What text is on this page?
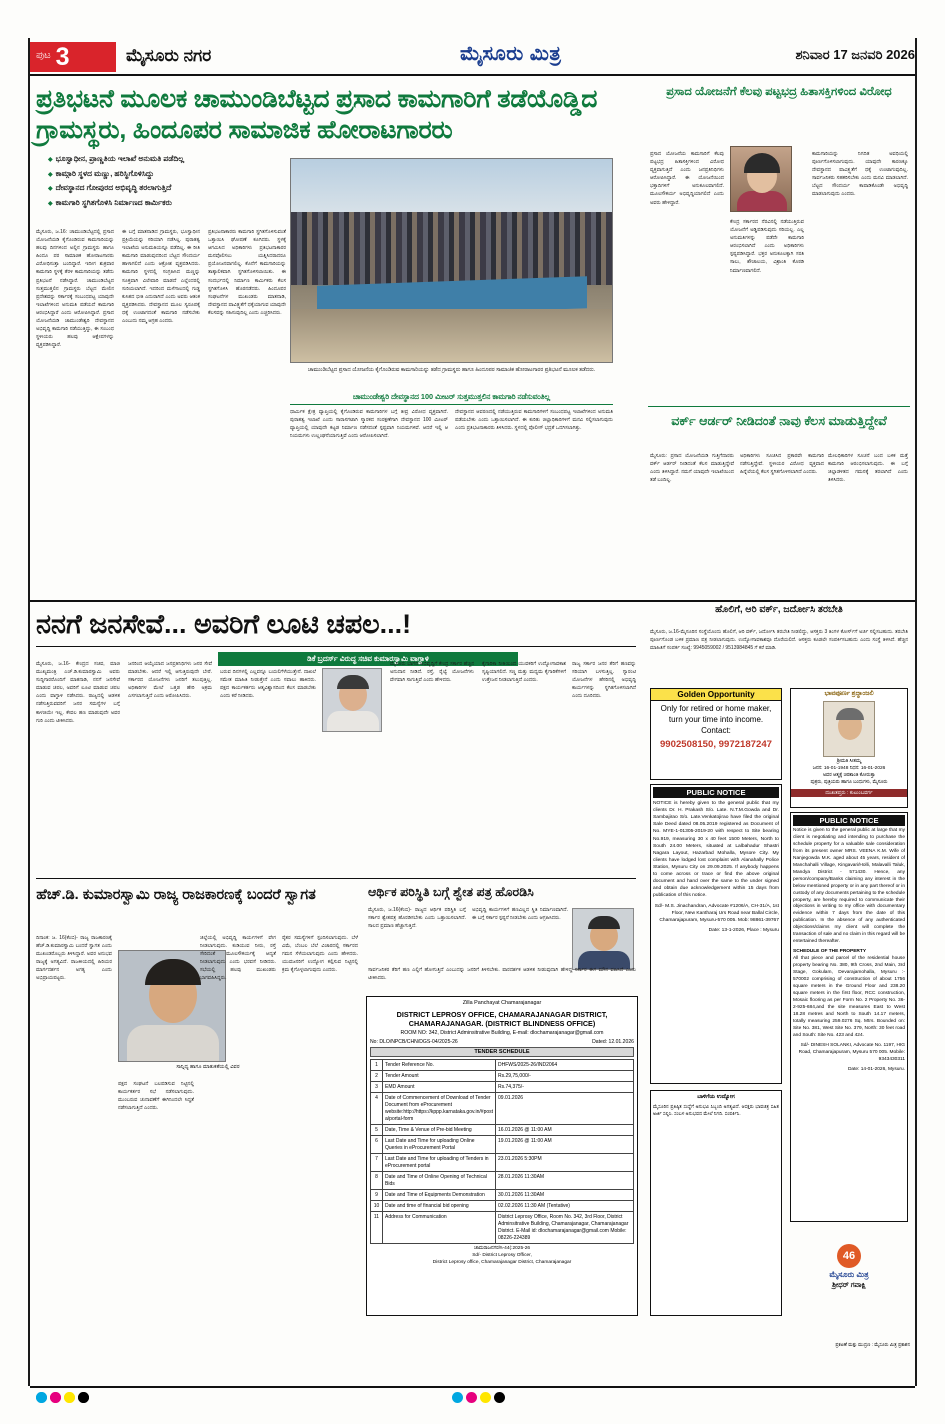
ಪುಟ 3	ಮೈಸೂರು ನಗರ	ಮೈಸೂರು ಮಿತ್ರ	ಶನಿವಾರ 17 ಜನವರಿ 2026
ಪ್ರತಿಭಟನೆ ಮೂಲಕ ಚಾಮುಂಡಿಬೆಟ್ಟದ ಪ್ರಸಾದ ಕಾಮಗಾರಿಗೆ ತಡೆಯೊಡ್ಡಿದ ಗ್ರಾಮಸ್ಥರು, ಹಿಂದೂಪರ ಸಾಮಾಜಿಕ ಹೋರಾಟಗಾರರು
◆ ಭೂಸ್ವಾಧೀನ, ಪ್ರಾಣ್ಣತಿಯ ಇಲಾಖೆ ಅನುಮತಿ ಪಡೆದಿಲ್ಲ
◆ ಕಾಮ್ಗಾರಿ ಸ್ಥಳದ ಮಣ್ಣು, ಹರಿಸ್ಥಿಗೊಳಿಸಿದ್ದು
◆ ದೇವಸ್ಥಾನದ ಗೋಪುರದ ಅಭಿವೃದ್ಧಿ ತರಲಾಗುತ್ತಿದೆ
◆ ಕಾಮಗಾರಿ ಸ್ಥಗಿತಗೊಳಿಸಿ ನಿರ್ಮಾಣದ ಕಾರ್ಮಿಕರು
ಚಾಮುಂಡಿಬೆಟ್ಟದ ಪ್ರಸಾದ ಯೋಜನೆಯ ಕೈಗೊಂಡಿರುವ ಕಾಮಗಾರಿಯನ್ನು ತಡೆದ ಗ್ರಾಮಸ್ಥರು ಹಾಗೂ ಹಿಂದೂಪರ ಸಾಮಾಜಿಕ ಹೋರಾಟಗಾರರ ಪ್ರತಿಭಟನೆ ಮೂಲಕ ತಡೆದರು.
ಮೈಸೂರು, ಜ.16: ಚಾಮುಂಡಿಬೆಟ್ಟದಲ್ಲಿ ಪ್ರಸಾದ ಯೋಜನೆಯಡಿ ಕೈಗೊಂಡಿರುವ ಕಾಮಗಾರಿಯನ್ನು ಹಲವು ದಿನಗಳಿಂದ ಅಲ್ಲಿನ ಗ್ರಾಮಸ್ಥರು ಹಾಗೂ ಹಿಂದೂ ಪರ ಸಾಮಾಜಿಕ ಹೋರಾಟಗಾರರು ವಿರೋಧಿಸುತ್ತಾ ಬಂದಿದ್ದಾರೆ. ಇದೀಗ ಶುಕ್ರವಾರ ಕಾಮಗಾರಿ ಸ್ಥಳಕ್ಕೆ ತೆರಳಿ ಕಾಮಗಾರಿಯನ್ನು ತಡೆದು ಪ್ರತಿಭಟನೆ ನಡೆಸಿದ್ದಾರೆ. ಚಾಮುಂಡಿಬೆಟ್ಟದ ಸುತ್ತಮುತ್ತಲಿನ ಗ್ರಾಮಸ್ಥರು ಬೆಟ್ಟದ ಮೇಲಿನ ಪ್ರದೇಶವನ್ನು ಸರ್ಕಾರಕ್ಕೆ ಸಂಬಂಧಪಟ್ಟ ಯಾವುದೇ ಇಲಾಖೆಗಳಿಂದ ಅನುಮತಿ ಪಡೆಯದೆ ಕಾಮಗಾರಿ ಆರಂಭಿಸಿದ್ದಾರೆ ಎಂದು ಆರೋಪಿಸಿದ್ದಾರೆ. ಪ್ರಸಾದ ಯೋಜನೆಯಡಿ ಚಾಮುಂಡೇಶ್ವರಿ ದೇವಸ್ಥಾನದ ಅಭಿವೃದ್ಧಿ ಕಾಮಗಾರಿ ನಡೆಯುತ್ತಿದ್ದು, ಈ ಸಂಬಂಧ ಸ್ಥಳೀಯರು ಹಲವು ಆಕ್ಷೇಪಗಳನ್ನು ವ್ಯಕ್ತಪಡಿಸಿದ್ದಾರೆ.
ಈ ಬಗ್ಗೆ ಮಾತನಾಡಿದ ಗ್ರಾಮಸ್ಥರು, ಭೂಸ್ವಾಧೀನ ಪ್ರಕ್ರಿಯೆಯನ್ನು ಸರಿಯಾಗಿ ನಡೆಸಿಲ್ಲ. ಪುರಾತತ್ವ ಇಲಾಖೆಯ ಅನುಮತಿಯನ್ನೂ ಪಡೆದಿಲ್ಲ. ಈ ರೀತಿ ಕಾಮಗಾರಿ ಮಾಡುವುದರಿಂದ ಬೆಟ್ಟದ ಸೌಂದರ್ಯ ಹಾಳಾಗಲಿದೆ ಎಂದು ಆಕ್ರೋಶ ವ್ಯಕ್ತಪಡಿಸಿದರು. ಕಾಮಗಾರಿ ಸ್ಥಳದಲ್ಲಿ ಸಂಗ್ರಹಿಸಿದ ಮಣ್ಣನ್ನು ಸೂಕ್ತವಾಗಿ ವಿಲೇವಾರಿ ಮಾಡದೆ ಎಲ್ಲೆಂದರಲ್ಲಿ ಸುರಿಯಲಾಗಿದೆ. ಇದರಿಂದ ಮಳೆಗಾಲದಲ್ಲಿ ಗುಡ್ಡ ಕುಸಿತದ ಭೀತಿ ಎದುರಾಗಿದೆ ಎಂದು ಅವರು ಆತಂಕ ವ್ಯಕ್ತಪಡಿಸಿದರು. ದೇವಸ್ಥಾನದ ಮೂಲ ಸ್ವರೂಪಕ್ಕೆ ಧಕ್ಕೆ ಉಂಟಾಗದಂತೆ ಕಾಮಗಾರಿ ನಡೆಸಬೇಕು ಎಂಬುದು ನಮ್ಮ ಆಗ್ರಹ ಎಂದರು.
ಪ್ರತಿಭಟನಾಕಾರರು ಕಾಮಗಾರಿ ಸ್ಥಗಿತಗೊಳಿಸುವಂತೆ ಒತ್ತಾಯಿಸಿ ಘೋಷಣೆ ಕೂಗಿದರು. ಸ್ಥಳಕ್ಕೆ ಆಗಮಿಸಿದ ಅಧಿಕಾರಿಗಳು ಪ್ರತಿಭಟನಾಕಾರರ ಮನವೊಲಿಸಲು ಯತ್ನಿಸಿದರಾದರೂ ಪ್ರಯೋಜನವಾಗಲಿಲ್ಲ. ಕೊನೆಗೆ ಕಾಮಗಾರಿಯನ್ನು ತಾತ್ಕಾಲಿಕವಾಗಿ ಸ್ಥಗಿತಗೊಳಿಸಲಾಯಿತು. ಈ ಸಂದರ್ಭದಲ್ಲಿ ನಿರ್ಮಾಣ ಕಾರ್ಮಿಕರು ಕೆಲಸ ಸ್ಥಗಿತಗೊಳಿಸಿ ಹೊರನಡೆದರು. ಹಿಂದೂಪರ ಸಂಘಟನೆಗಳ ಮುಖಂಡರು ಮಾತನಾಡಿ, ದೇವಸ್ಥಾನದ ಪಾವಿತ್ರ್ಯತೆಗೆ ಧಕ್ಕೆಯಾಗುವ ಯಾವುದೇ ಕೆಲಸವನ್ನು ಸಹಿಸುವುದಿಲ್ಲ ಎಂದು ಎಚ್ಚರಿಸಿದರು.
ಚಾಮುಂಡೇಶ್ವರಿ ದೇವಸ್ಥಾನದ 100 ಮೀಟರ್ ಸುತ್ತಮುತ್ತಲಿನ ಕಾಮಗಾರಿ ನಡೆಸುವಂತಿಲ್ಲ
ಧಾರ್ಮಿಕ ಕ್ಷೇತ್ರ ವ್ಯಾಪ್ತಿಯಲ್ಲಿ ಕೈಗೊಂಡಿರುವ ಕಾಮಗಾರಿಗಳ ಬಗ್ಗೆ ತೀವ್ರ ವಿರೋಧ ವ್ಯಕ್ತವಾಗಿದೆ. ಪುರಾತತ್ವ ಇಲಾಖೆ ಎಂದು ಸಾರಾಸಗಟಾಗಿ ಸ್ಮಾರಕದ ಸಂರಕ್ಷಣೆಗಾಗಿ ದೇವಸ್ಥಾನದ 100 ಮೀಟರ್ ವ್ಯಾಪ್ತಿಯಲ್ಲಿ ಯಾವುದೇ ಕಟ್ಟಡ ನಿರ್ಮಾಣ ನಡೆಸದಂತೆ ಸ್ಪಷ್ಟವಾಗಿ ನಿಯಮಗಳಿವೆ. ಆದರೆ ಇಲ್ಲಿ ಆ ನಿಯಮಗಳು ಉಲ್ಲಂಘನೆಯಾಗುತ್ತಿವೆ ಎಂದು ಆರೋಪಿಸಲಾಗಿದೆ.
ದೇವಸ್ಥಾನದ ಆವರಣದಲ್ಲಿ ನಡೆಯುತ್ತಿರುವ ಕಾಮಗಾರಿಗಳಿಗೆ ಸಂಬಂಧಪಟ್ಟ ಇಲಾಖೆಗಳಿಂದ ಅನುಮತಿ ಪಡೆಯಬೇಕು ಎಂದು ಒತ್ತಾಯಿಸಲಾಗಿದೆ. ಈ ಕುರಿತು ಜಿಲ್ಲಾಧಿಕಾರಿಗಳಿಗೆ ಮನವಿ ಸಲ್ಲಿಸಲಾಗುವುದು ಎಂದು ಪ್ರತಿಭಟನಾಕಾರರು ತಿಳಿಸಿದರು. ಸ್ಥಳದಲ್ಲಿ ಪೊಲೀಸ್ ಭದ್ರತೆ ಒದಗಿಸಲಾಗಿತ್ತು.
ಪ್ರಸಾದ ಯೋಜನೆಗೆ ಕೆಲವು ಪಟ್ಟಭದ್ರ ಹಿತಾಸಕ್ತಿಗಳಿಂದ ವಿರೋಧ
ಪ್ರಸಾದ ಯೋಜನೆಯ ಕಾಮಗಾರಿಗೆ ಕೆಲವು ಪಟ್ಟಭದ್ರ ಹಿತಾಸಕ್ತಿಗಳಿಂದ ವಿರೋಧ ವ್ಯಕ್ತವಾಗುತ್ತಿದೆ ಎಂದು ಜನಪ್ರತಿನಿಧಿಗಳು ಆರೋಪಿಸಿದ್ದಾರೆ. ಈ ಯೋಜನೆಯಿಂದ ಭಕ್ತಾದಿಗಳಿಗೆ ಅನುಕೂಲವಾಗಲಿದೆ. ಮೂಲಸೌಕರ್ಯ ಅಭಿವೃದ್ಧಿಯಾಗಲಿದೆ ಎಂದು ಅವರು ಹೇಳಿದ್ದಾರೆ.
ಕೇಂದ್ರ ಸರ್ಕಾರದ ನೆರವಿನಲ್ಲಿ ನಡೆಯುತ್ತಿರುವ ಯೋಜನೆಗೆ ಅಡ್ಡಿಪಡಿಸುವುದು ಸರಿಯಲ್ಲ. ಎಲ್ಲ ಅನುಮತಿಗಳನ್ನು ಪಡೆದೇ ಕಾಮಗಾರಿ ಆರಂಭಿಸಲಾಗಿದೆ ಎಂದು ಅಧಿಕಾರಿಗಳು ಸ್ಪಷ್ಟಪಡಿಸಿದ್ದಾರೆ. ಭಕ್ತರ ಅನುಕೂಲಕ್ಕಾಗಿ ಸರತಿ ಸಾಲು, ಶೌಚಾಲಯ, ವಿಶ್ರಾಂತಿ ಕೊಠಡಿ ನಿರ್ಮಾಣವಾಗಲಿದೆ.
ಕಾಮಗಾರಿಯನ್ನು ನಿಗದಿತ ಅವಧಿಯಲ್ಲಿ ಪೂರ್ಣಗೊಳಿಸಲಾಗುವುದು. ಯಾವುದೇ ಕಾರಣಕ್ಕೂ ದೇವಸ್ಥಾನದ ಪಾವಿತ್ರ್ಯತೆಗೆ ಧಕ್ಕೆ ಉಂಟಾಗುವುದಿಲ್ಲ. ಸಾರ್ವಜನಿಕರು ಸಹಕರಿಸಬೇಕು ಎಂದು ಮನವಿ ಮಾಡಲಾಗಿದೆ. ಬೆಟ್ಟದ ಸೌಂದರ್ಯ ಕಾಪಾಡಿಕೊಂಡೇ ಅಭಿವೃದ್ಧಿ ಮಾಡಲಾಗುವುದು ಎಂದರು.
ವರ್ಕ್ ಆರ್ಡರ್ ನೀಡಿದಂತೆ ನಾವು ಕೆಲಸ ಮಾಡುತ್ತಿದ್ದೇವೆ
ಮೈಸೂರು: ಪ್ರಸಾದ ಯೋಜನೆಯಡಿ ಗುತ್ತಿಗೆದಾರರು ವರ್ಕ್ ಆರ್ಡರ್ ನೀಡಿದಂತೆ ಕೆಲಸ ಮಾಡುತ್ತಿದ್ದೇವೆ ಎಂದು ತಿಳಿಸಿದ್ದಾರೆ. ನಮಗೆ ಯಾವುದೇ ಇಲಾಖೆಯಿಂದ ತಡೆ ಬಂದಿಲ್ಲ.
ಅಧಿಕಾರಿಗಳು ಸೂಚಿಸಿದ ಪ್ರಕಾರವೇ ಕಾಮಗಾರಿ ನಡೆಸುತ್ತಿದ್ದೇವೆ. ಸ್ಥಳೀಯರ ವಿರೋಧ ವ್ಯಕ್ತವಾದ ಹಿನ್ನೆಲೆಯಲ್ಲಿ ಕೆಲಸ ಸ್ಥಗಿತಗೊಳಿಸಲಾಗಿದೆ ಎಂದರು.
ಮೇಲಧಿಕಾರಿಗಳ ಸೂಚನೆ ಬಂದ ಬಳಿಕ ಮತ್ತೆ ಕಾಮಗಾರಿ ಆರಂಭಿಸಲಾಗುವುದು. ಈ ಬಗ್ಗೆ ಜಿಲ್ಲಾಡಳಿತದ ಗಮನಕ್ಕೆ ತರಲಾಗಿದೆ ಎಂದು ತಿಳಿಸಿದರು.
ನನಗೆ ಜನಸೇವೆ... ಅವರಿಗೆ ಲೂಟಿ ಚಪಲ...!
ಡಿಕೆ ಬ್ರದರ್ಸ್ ವಿರುದ್ಧ ಸಚಿವ ಕುಮಾರಸ್ವಾಮಿ ವಾಗ್ದಾಳಿ
ಮೈಸೂರು, ಜ.16- ಕೇಂದ್ರದ ಸಚಿವ, ಮಾಜಿ ಮುಖ್ಯಮಂತ್ರಿ ಎಚ್.ಡಿ.ಕುಮಾರಸ್ವಾಮಿ ಅವರು ಸುದ್ದಿಗಾರರೊಂದಿಗೆ ಮಾತನಾಡಿ, ನನಗೆ ಜನಸೇವೆ ಮಾಡುವ ಚಪಲ, ಅವರಿಗೆ ಲೂಟಿ ಮಾಡುವ ಚಪಲ ಎಂದು ವಾಗ್ದಾಳಿ ನಡೆಸಿದರು. ರಾಜ್ಯದಲ್ಲಿ ಆಡಳಿತ ನಡೆಸುತ್ತಿರುವವರಿಗೆ ಜನರ ಸಮಸ್ಯೆಗಳ ಬಗ್ಗೆ ಕಾಳಜಿಯೇ ಇಲ್ಲ. ಕೇವಲ ಹಣ ಮಾಡುವುದೇ ಅವರ ಗುರಿ ಎಂದು ಟೀಕಿಸಿದರು.
ಜನರಿಂದ ಆಯ್ಕೆಯಾದ ಜನಪ್ರತಿನಿಧಿಗಳು ಜನರ ಸೇವೆ ಮಾಡಬೇಕು. ಆದರೆ ಇಲ್ಲಿ ಆಗುತ್ತಿರುವುದೇ ಬೇರೆ. ಸರ್ಕಾರದ ಯೋಜನೆಗಳು ಜನರಿಗೆ ತಲುಪುತ್ತಿಲ್ಲ. ಅಧಿಕಾರಿಗಳ ಮೇಲೆ ಒತ್ತಡ ಹೇರಿ ಅಕ್ರಮ ಎಸಗಲಾಗುತ್ತಿದೆ ಎಂದು ಆರೋಪಿಸಿದರು.
ಬರುವ ದಿನಗಳಲ್ಲಿ ಎಲ್ಲವನ್ನೂ ಬಯಲಿಗೆಳೆಯುತ್ತೇನೆ. ದಾಖಲೆ ಸಮೇತ ಮಾಹಿತಿ ನೀಡುತ್ತೇನೆ ಎಂದು ಸವಾಲು ಹಾಕಿದರು. ಪಕ್ಷದ ಕಾರ್ಯಕರ್ತರು ಆತ್ಮವಿಶ್ವಾಸದಿಂದ ಕೆಲಸ ಮಾಡಬೇಕು ಎಂದು ಕರೆ ನೀಡಿದರು.
ಮೈಸೂರು ಭಾಗದ ಅಭಿವೃದ್ಧಿಗೆ ಕೇಂದ್ರ ಸರ್ಕಾರ ಹೆಚ್ಚಿನ ಅನುದಾನ ನೀಡಿದೆ. ರಸ್ತೆ, ರೈಲ್ವೆ ಯೋಜನೆಗಳು ವೇಗವಾಗಿ ಸಾಗುತ್ತಿವೆ ಎಂದು ಹೇಳಿದರು.
ಕೈಗಾರಿಕಾ ನೀತಿಯಿಂದ ಯುವಕರಿಗೆ ಉದ್ಯೋಗಾವಕಾಶ ಸೃಷ್ಟಿಯಾಗಲಿದೆ. ಸಣ್ಣ ಮತ್ತು ಮಧ್ಯಮ ಕೈಗಾರಿಕೆಗಳಿಗೆ ಉತ್ತೇಜನ ನೀಡಲಾಗುತ್ತಿದೆ ಎಂದರು.
ರಾಜ್ಯ ಸರ್ಕಾರ ಜನರ ತೆರಿಗೆ ಹಣವನ್ನು ಸರಿಯಾಗಿ ಬಳಸುತ್ತಿಲ್ಲ. ಗ್ಯಾರಂಟಿ ಯೋಜನೆಗಳ ಹೆಸರಿನಲ್ಲಿ ಅಭಿವೃದ್ಧಿ ಕಾರ್ಯಗಳನ್ನು ಸ್ಥಗಿತಗೊಳಿಸಲಾಗಿದೆ ಎಂದು ದೂರಿದರು.
ಹೊಲಿಗೆ, ಆರಿ ವರ್ಕ್, ಜರ್ದೋಸಿ ತರಬೇತಿ
ಮೈಸೂರು, ಜ.16-ಮೈಸೂರಿನ ಸಂಸ್ಥೆಯೊಂದು ಹೊಲಿಗೆ, ಆರಿ ವರ್ಕ್, ಜರ್ದೋಸಿ ತರಬೇತಿ ನೀಡಲಿದ್ದು, ಆಸಕ್ತರು 3 ತಿಂಗಳ ಕೋರ್ಸ್‌ಗೆ ಅರ್ಜಿ ಸಲ್ಲಿಸಬಹುದು. ತರಬೇತಿ ಪೂರ್ಣಗೊಂಡ ಬಳಿಕ ಪ್ರಮಾಣ ಪತ್ರ ನೀಡಲಾಗುವುದು. ಉದ್ಯೋಗಾವಕಾಶವೂ ದೊರೆಯಲಿದೆ. ಆಸಕ್ತರು ಕೂಡಲೇ ಸಂಪರ್ಕಿಸಬಹುದು ಎಂದು ಸಂಸ್ಥೆ ತಿಳಿಸಿದೆ. ಹೆಚ್ಚಿನ ಮಾಹಿತಿಗೆ ಸಂಪರ್ಕ ಸಂಖ್ಯೆ: 9945059002 / 9513984845 ಗೆ ಕರೆ ಮಾಡಿ.
Golden Opportunity
Only for retired or home maker, turn your time into income. Contact:
9902508150, 9972187247
ಭಾವಪೂರ್ಣ ಶ್ರದ್ಧಾಂಜಲಿ
ಶ್ರೀಮತಿ ಸೀತಮ್ಮ
ಜನನ: 16-01-1948 ನಿಧನ: 16-01-2026
ಅವರ ಆತ್ಮಕ್ಕೆ ಚಿರಶಾಂತಿ ಕೋರುತ್ತಾ
ಪುತ್ರರು, ಪುತ್ರಿಯರು ಹಾಗೂ ಬಂಧುಗಳು, ಮೈಸೂರು
ದುಃಖತಪ್ತರು : ಕುಟುಂಬವರ್ಗ
PUBLIC NOTICE
NOTICE is hereby given to the general public that my clients Dr. H. Prakash S/o. Late. N.T.M.Gowda and Dr. Sambajirao S/o. Late.Venkatojirao have filed the original Sale Deed dated 08.05.2019 registered as Document of No. MYE-1-01305-2019-20 with respect to Site bearing No.919, measuring 30 x 40 feet 1500 Meters, North to South 24.00 Meters, situated at Lalbahadur Shastri Nagara Layout, Hazarbad Mohalla, Mysore City. My clients have lodged lost complaint with Alanahally Police Station, Mysuru City on 29.09.2025. If anybody happens to come across or trace or find the above original document and hand over the same to the under signed and obtain due acknowledgement within 15 days from publication of this notice.
Sd/- M.S. Jinachandran, Advocate #1206/A, CH-31/A, 1st Floor, New Kantharaj Urs Road near Ballal Circle, Chamarajapuram, Mysuru-570 005. Mob: 98861-39767
Date: 13-1-2026, Place : Mysuru
PUBLIC NOTICE
Notice is given to the general public at large that my client is negotiating and intending to purchase the schedule property for a valuable sale consideration from its present owner MRS. VEENA K.M. Wife of Nanjegowda M.K. aged about 45 years, resident of Manchahalli Village, Kingavari/Holli, Malavalli Taluk, Mandya District - 571430. Hence, any person/company/Banks claiming any interest in the below mentioned property or in any part thereof or in custody of any documents pertaining to the schedule property, are hereby required to communicate their objections in writing to my office with documentary evidence within 7 days from the date of this publication. In the absence of any authenticated objections/claims my client will complete the transaction of sale and no claim in this regard will be entertained thereafter.
SCHEDULE OF THE PROPERTY
All that piece and parcel of the residential house property bearing No. 380, 9th Cross, 2nd Main, 3rd Stage, Gokulam, Devarajamohalla, Mysuru :- 570002 comprising of construction of about 1756 square meters in the Ground Floor and 238.20 square meters in the first floor, RCC construction, Mosaic flooring as per Form No. 2 Property No. 36-2-925-684,and the site measures East to West 18.28 metres and North to South 14.17 meters, totally measuring 259.0276 Sq. Mtrs. Bounded on: Site No. 381, West Site No. 379, North: 30 feet road and South: Site No. 423 and 424.
Sd/- DINESH SOLANKI, Advocate No. 1197, HIG Road, Chamarajapuram, Mysuru 570 005. Mobile: 9343430311
Date: 14-01-2026, Mysuru.
ಬಾಳಿಗೆಯ ಉದ್ಯೋಗ
ಮೈಸೂರಿನ ಪ್ರತಿಷ್ಠಿತ ಸಂಸ್ಥೆಗೆ ಅನುಭವಿ ಸಿಬ್ಬಂದಿ ಅಗತ್ಯವಿದೆ. ಆಸಕ್ತರು ಭಾವಚಿತ್ರ ಸಹಿತ ಅರ್ಜಿ ಸಲ್ಲಿಸಿ. ಸಂಬಳ ಅನುಭವದ ಮೇಲೆ ನಿಗದಿ. ಸಂಪರ್ಕಿಸಿ.
ಹೆಚ್.ಡಿ. ಕುಮಾರಸ್ವಾಮಿ ರಾಜ್ಯ ರಾಜಕಾರಣಕ್ಕೆ ಬಂದರೆ ಸ್ವಾಗತ
ಸಾನ್ನಿಧ್ಯ ಹಾಗೂ ಮಾತುಕತೆಯಲ್ಲಿ ವಿವರ
ದಿನಾಂಕ: ಜ. 16(ಕೆಂಬಿ)- ರಾಜ್ಯ ರಾಜಕಾರಣಕ್ಕೆ ಹೆಚ್.ಡಿ.ಕುಮಾರಸ್ವಾಮಿ ಬಂದರೆ ಸ್ವಾಗತ ಎಂದು ಮುಖಂಡರೊಬ್ಬರು ತಿಳಿಸಿದ್ದಾರೆ. ಅವರ ಅನುಭವ ರಾಜ್ಯಕ್ಕೆ ಅಗತ್ಯವಿದೆ. ರಾಜಕೀಯದಲ್ಲಿ ಹಿರಿಯರ ಮಾರ್ಗದರ್ಶನ ಅಗತ್ಯ ಎಂದು ಅಭಿಪ್ರಾಯಪಟ್ಟರು.
ಪಕ್ಷದ ಸಂಘಟನೆ ಬಲಪಡಿಸುವ ನಿಟ್ಟಿನಲ್ಲಿ ಕಾರ್ಯಕರ್ತರ ಸಭೆ ನಡೆಸಲಾಗುವುದು. ಮುಂಬರುವ ಚುನಾವಣೆಗೆ ಈಗಿನಿಂದಲೇ ಸಿದ್ಧತೆ ನಡೆಸಲಾಗುತ್ತಿದೆ ಎಂದರು.
ಜಿಲ್ಲೆಯಲ್ಲಿ ಅಭಿವೃದ್ಧಿ ಕಾರ್ಯಗಳಿಗೆ ವೇಗ ನೀಡಲಾಗುವುದು. ಕುಡಿಯುವ ನೀರು, ರಸ್ತೆ ಸೇರಿದಂತೆ ಮೂಲಸೌಕರ್ಯಕ್ಕೆ ಆದ್ಯತೆ ನೀಡಲಾಗುವುದು ಎಂದು ಭರವಸೆ ನೀಡಿದರು. ಸಭೆಯಲ್ಲಿ ಹಲವು ಮುಖಂಡರು ಭಾಗವಹಿಸಿದ್ದರು.
ರೈತರ ಸಮಸ್ಯೆಗಳಿಗೆ ಸ್ಪಂದಿಸಲಾಗುವುದು. ಬೆಳೆ ವಿಮೆ, ಬೆಂಬಲ ಬೆಲೆ ವಿಚಾರದಲ್ಲಿ ಸರ್ಕಾರದ ಗಮನ ಸೆಳೆಯಲಾಗುವುದು ಎಂದು ಹೇಳಿದರು. ಯುವಜನರಿಗೆ ಉದ್ಯೋಗ ಕಲ್ಪಿಸುವ ನಿಟ್ಟಿನಲ್ಲಿ ಕ್ರಮ ಕೈಗೊಳ್ಳಲಾಗುವುದು ಎಂದರು.
ಆರ್ಥಿಕ ಪರಿಸ್ಥಿತಿ ಬಗ್ಗೆ ಶ್ವೇತ ಪತ್ರ ಹೊರಡಿಸಿ
ಮೈಸೂರು, ಜ.16(ಕೆಂಬಿ)- ರಾಜ್ಯದ ಆರ್ಥಿಕ ಪರಿಸ್ಥಿತಿ ಬಗ್ಗೆ ಸರ್ಕಾರ ಶ್ವೇತಪತ್ರ ಹೊರಡಿಸಬೇಕು ಎಂದು ಒತ್ತಾಯಿಸಲಾಗಿದೆ. ಸಾಲದ ಪ್ರಮಾಣ ಹೆಚ್ಚಾಗುತ್ತಿದೆ.
ಅಭಿವೃದ್ಧಿ ಕಾರ್ಯಗಳಿಗೆ ಹಣವಿಲ್ಲದ ಸ್ಥಿತಿ ನಿರ್ಮಾಣವಾಗಿದೆ. ಈ ಬಗ್ಗೆ ಸರ್ಕಾರ ಸ್ಪಷ್ಟನೆ ನೀಡಬೇಕು ಎಂದು ಆಗ್ರಹಿಸಿದರು.
ಸಾರ್ವಜನಿಕರ ತೆರಿಗೆ ಹಣ ಎಲ್ಲಿಗೆ ಹೋಗುತ್ತಿದೆ ಎಂಬುದನ್ನು ಜನರಿಗೆ ತಿಳಿಸಬೇಕು. ಪಾರದರ್ಶಕ ಆಡಳಿತ ನೀಡುವುದಾಗಿ ಹೇಳಿದ್ದ ಸರ್ಕಾರ ಈಗ ಮೌನ ವಹಿಸಿದೆ ಎಂದು ಟೀಕಿಸಿದರು.
Zilla Panchayat Chamarajanagar
DISTRICT LEPROSY OFFICE, CHAMARAJANAGAR DISTRICT, CHAMARAJANAGAR. (DISTRICT BLINDNESS OFFICE)
ROOM NO: 342, District Adminsitrative Building, E-mail: dlochamarajanagar@gmail.com
No: DLO/NPCB/CHN/DGS-04/2025-26	Dated: 12.01.2026
TENDER SCHEDULE
1	Tender Reference No.	DHFWS/2025-26/IND2064
2	Tender Amount	Rs.29,75,000/-
3	EMD Amount	Rs.74,375/-
4	Date of Commencement of Download of Tender Document from eProcurement website:http://https://kppp.karnataka.gov.in/#post a/portal-form	09.01.2026
5	Date, Time & Venue of Pre-bid Meeting	16.01.2026 @ 11:00 AM
6	Last Date and Time for uploading Online Queries in eProcurement Portal	19.01.2026 @ 11:00 AM
7	Last Date and Time for uploading of Tenders in eProcurement portal	23.01.2026 5:30PM
8	Date and Time of Online Opening of Technical Bids	28.01.2026 11:30AM
9	Date and Time of Equipments Demonstration	30.01.2026 11:30AM
10	Date and time of financial bid opening	02.02.2026 11:30 AM (Tentative)
11	Address for Communication	District Leprosy Office, Room No. 342, 3rd Floor, District Adminsitrative Building, Chamarajanagar, Chamarajanagar District. E-Mail id: dlochamarajanagar@gmail.com Mobile: 08226-224389
ಚಾಮರಾಜನಗರ/ಸಿ-44(:2025-26
Sd/- District Leprosy Officer,
District Leprosy office, Chamarajanagar District, Chamarajanagar
46
ಮೈಸೂರು ಮಿತ್ರ
ಶ್ರೀಧರ್ ಗವಾಕ್ಷಿ
ಪ್ರಕಟಣೆ ಮತ್ತು ಮುದ್ರಣ : ಮೈಸೂರು ಮಿತ್ರ ಪ್ರಕಾಶನ
